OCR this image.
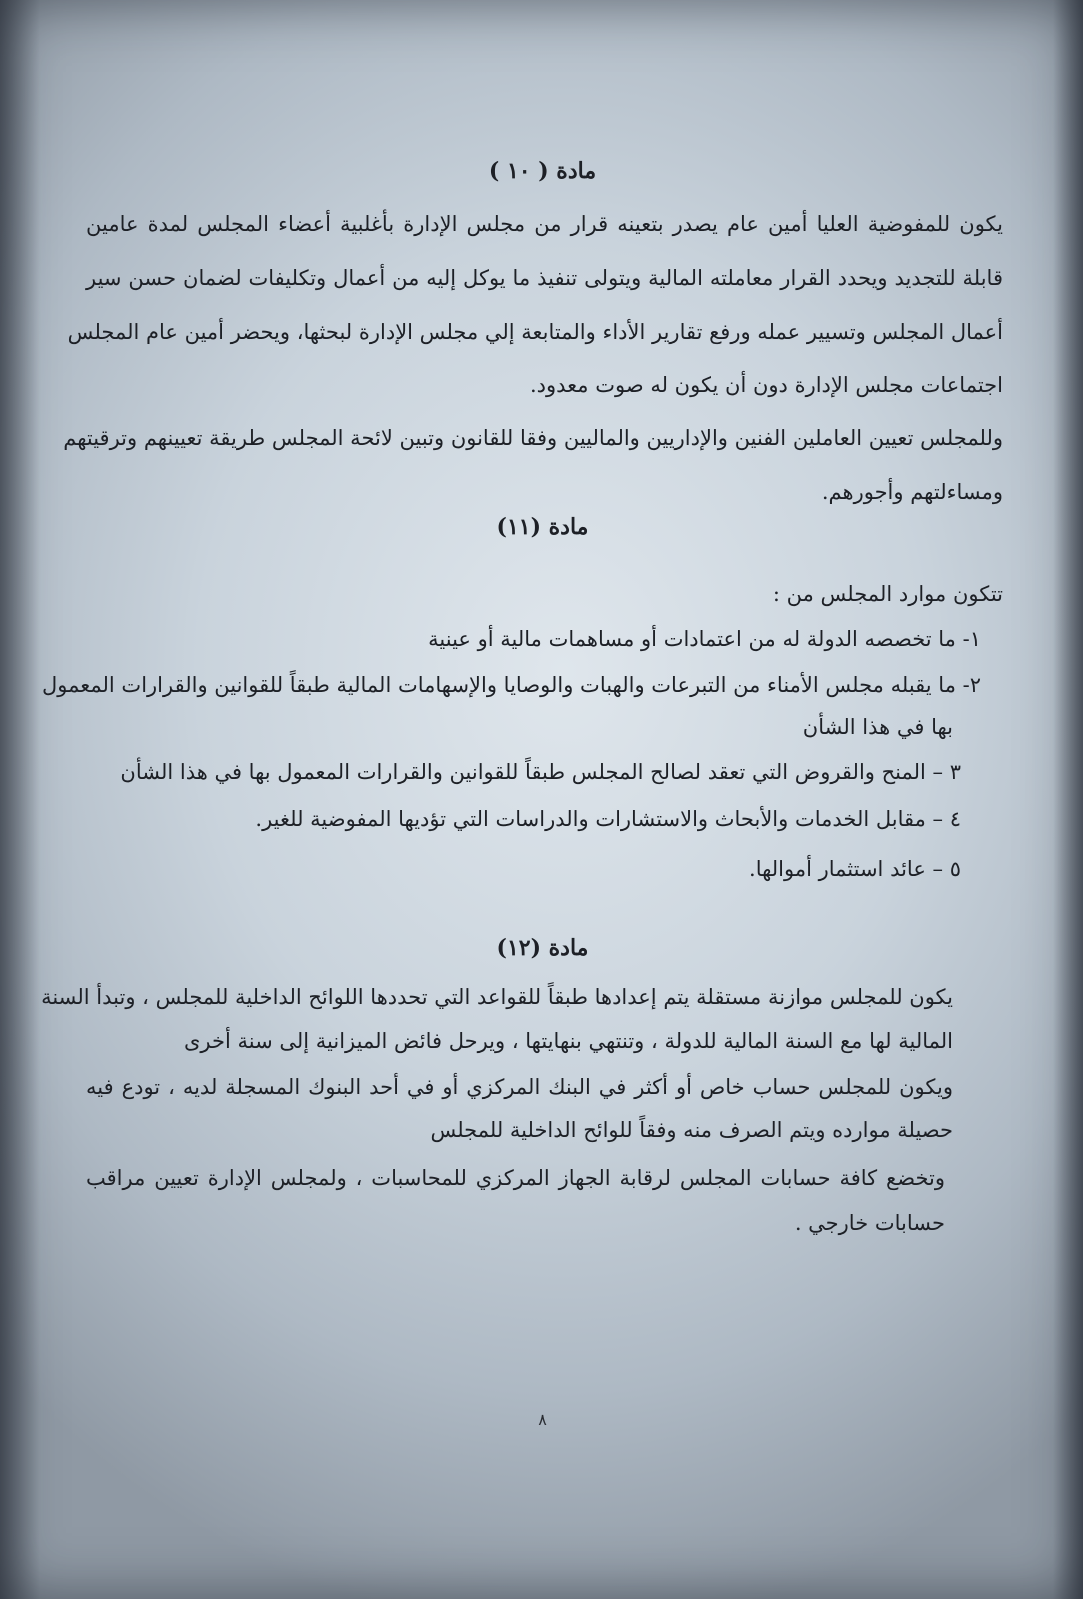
مادة ( ١٠ )
يكون للمفوضية العليا أمين عام يصدر بتعينه قرار من مجلس الإدارة بأغلبية أعضاء المجلس لمدة عامين
قابلة للتجديد ويحدد القرار معاملته المالية ويتولى تنفيذ ما يوكل إليه من أعمال وتكليفات لضمان حسن سير
أعمال المجلس وتسيير عمله ورفع تقارير الأداء والمتابعة إلي مجلس الإدارة لبحثها، ويحضر أمين عام المجلس
اجتماعات مجلس الإدارة دون أن يكون له صوت معدود.
وللمجلس تعيين العاملين الفنين والإداريين والماليين وفقا للقانون وتبين لائحة المجلس طريقة تعيينهم وترقيتهم
ومساءلتهم وأجورهم.
مادة (١١)
تتكون موارد المجلس من :
١- ما تخصصه الدولة له من اعتمادات أو مساهمات مالية أو عينية
٢- ما يقبله مجلس الأمناء من التبرعات والهبات والوصايا والإسهامات المالية طبقاً للقوانين والقرارات المعمول
بها في هذا الشأن
٣ – المنح والقروض التي تعقد لصالح المجلس طبقاً للقوانين والقرارات المعمول بها في هذا الشأن
٤ – مقابل الخدمات والأبحاث والاستشارات والدراسات التي تؤديها المفوضية للغير.
٥ – عائد استثمار أموالها.
مادة (١٢)
يكون للمجلس موازنة مستقلة يتم إعدادها طبقاً للقواعد التي تحددها اللوائح الداخلية للمجلس ، وتبدأ السنة
المالية لها مع السنة المالية للدولة ، وتنتهي بنهايتها ، ويرحل فائض الميزانية إلى سنة أخرى
ويكون للمجلس حساب خاص أو أكثر في البنك المركزي أو في أحد البنوك المسجلة لديه ، تودع فيه
حصيلة موارده ويتم الصرف منه وفقاً للوائح الداخلية للمجلس
وتخضع كافة حسابات المجلس لرقابة الجهاز المركزي للمحاسبات ، ولمجلس الإدارة تعيين مراقب
حسابات خارجي .
٨
